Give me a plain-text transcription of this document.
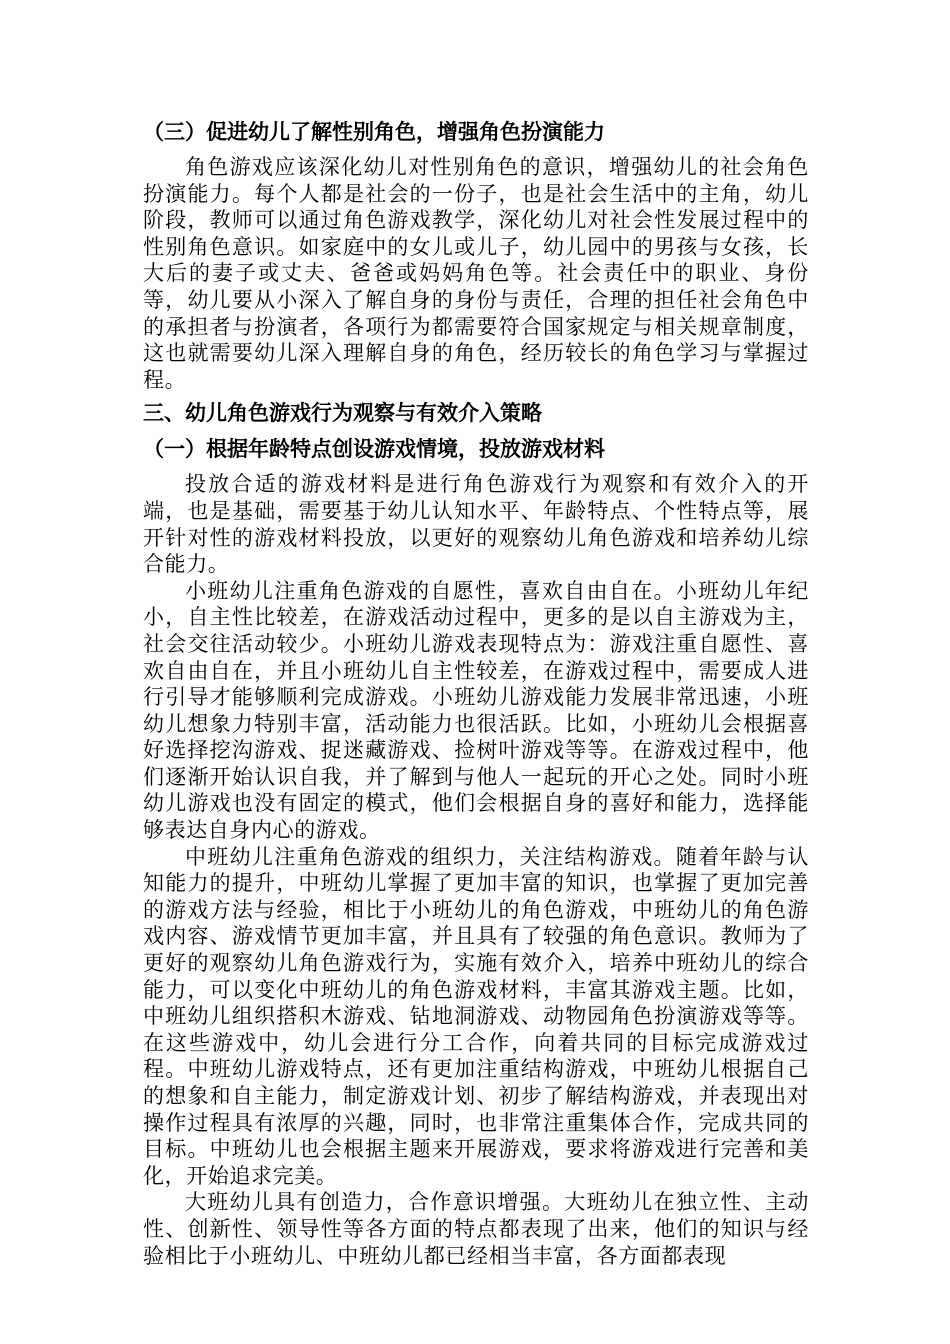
（三）促进幼儿了解性别角色，增强角色扮演能力

角色游戏应该深化幼儿对性别角色的意识，增强幼儿的社会角色扮演能力。每个人都是社会的一份子，也是社会生活中的主角，幼儿阶段，教师可以通过角色游戏教学，深化幼儿对社会性发展过程中的性别角色意识。如家庭中的女儿或儿子，幼儿园中的男孩与女孩，长大后的妻子或丈夫、爸爸或妈妈角色等。社会责任中的职业、身份等，幼儿要从小深入了解自身的身份与责任，合理的担任社会角色中的承担者与扮演者，各项行为都需要符合国家规定与相关规章制度，这也就需要幼儿深入理解自身的角色，经历较长的角色学习与掌握过程。

三、幼儿角色游戏行为观察与有效介入策略

（一）根据年龄特点创设游戏情境，投放游戏材料

投放合适的游戏材料是进行角色游戏行为观察和有效介入的开端，也是基础，需要基于幼儿认知水平、年龄特点、个性特点等，展开针对性的游戏材料投放，以更好的观察幼儿角色游戏和培养幼儿综合能力。

小班幼儿注重角色游戏的自愿性，喜欢自由自在。小班幼儿年纪小，自主性比较差，在游戏活动过程中，更多的是以自主游戏为主，社会交往活动较少。小班幼儿游戏表现特点为：游戏注重自愿性、喜欢自由自在，并且小班幼儿自主性较差，在游戏过程中，需要成人进行引导才能够顺利完成游戏。小班幼儿游戏能力发展非常迅速，小班幼儿想象力特别丰富，活动能力也很活跃。比如，小班幼儿会根据喜好选择挖沟游戏、捉迷藏游戏、捡树叶游戏等等。在游戏过程中，他们逐渐开始认识自我，并了解到与他人一起玩的开心之处。同时小班幼儿游戏也没有固定的模式，他们会根据自身的喜好和能力，选择能够表达自身内心的游戏。

中班幼儿注重角色游戏的组织力，关注结构游戏。随着年龄与认知能力的提升，中班幼儿掌握了更加丰富的知识，也掌握了更加完善的游戏方法与经验，相比于小班幼儿的角色游戏，中班幼儿的角色游戏内容、游戏情节更加丰富，并且具有了较强的角色意识。教师为了更好的观察幼儿角色游戏行为，实施有效介入，培养中班幼儿的综合能力，可以变化中班幼儿的角色游戏材料，丰富其游戏主题。比如，中班幼儿组织搭积木游戏、钻地洞游戏、动物园角色扮演游戏等等。在这些游戏中，幼儿会进行分工合作，向着共同的目标完成游戏过程。中班幼儿游戏特点，还有更加注重结构游戏，中班幼儿根据自己的想象和自主能力，制定游戏计划、初步了解结构游戏，并表现出对操作过程具有浓厚的兴趣，同时，也非常注重集体合作，完成共同的目标。中班幼儿也会根据主题来开展游戏，要求将游戏进行完善和美化，开始追求完美。

大班幼儿具有创造力，合作意识增强。大班幼儿在独立性、主动性、创新性、领导性等各方面的特点都表现了出来，他们的知识与经验相比于小班幼儿、中班幼儿都已经相当丰富，各方面都表现
